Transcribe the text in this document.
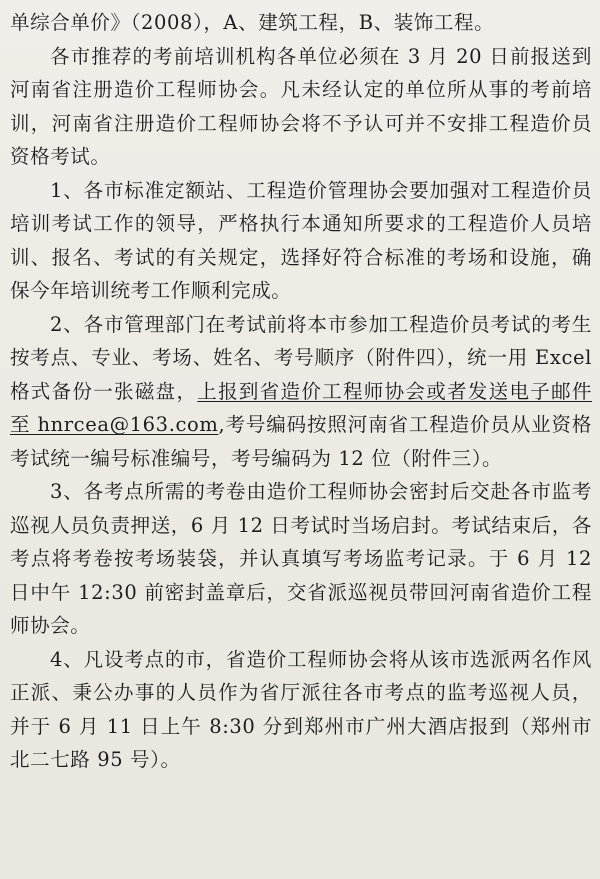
单综合单价》（2008），A、建筑工程，B、装饰工程。

各市推荐的考前培训机构各单位必须在 3 月 20 日前报送到河南省注册造价工程师协会。凡未经认定的单位所从事的考前培训，河南省注册造价工程师协会将不予认可并不安排工程造价员资格考试。

1、各市标准定额站、工程造价管理协会要加强对工程造价员培训考试工作的领导，严格执行本通知所要求的工程造价人员培训、报名、考试的有关规定，选择好符合标准的考场和设施，确保今年培训统考工作顺利完成。

2、各市管理部门在考试前将本市参加工程造价员考试的考生按考点、专业、考场、姓名、考号顺序（附件四），统一用 Excel 格式备份一张磁盘，上报到省造价工程师协会或者发送电子邮件至 hnrcea@163.com,考号编码按照河南省工程造价员从业资格考试统一编号标准编号，考号编码为 12 位（附件三）。

3、各考点所需的考卷由造价工程师协会密封后交赴各市监考巡视人员负责押送，6 月 12 日考试时当场启封。考试结束后，各考点将考卷按考场装袋，并认真填写考场监考记录。于 6 月 12 日中午 12:30 前密封盖章后，交省派巡视员带回河南省造价工程师协会。

4、凡设考点的市，省造价工程师协会将从该市选派两名作风正派、秉公办事的人员作为省厅派往各市考点的监考巡视人员，并于 6 月 11 日上午 8:30 分到郑州市广州大酒店报到（郑州市北二七路 95 号）。
